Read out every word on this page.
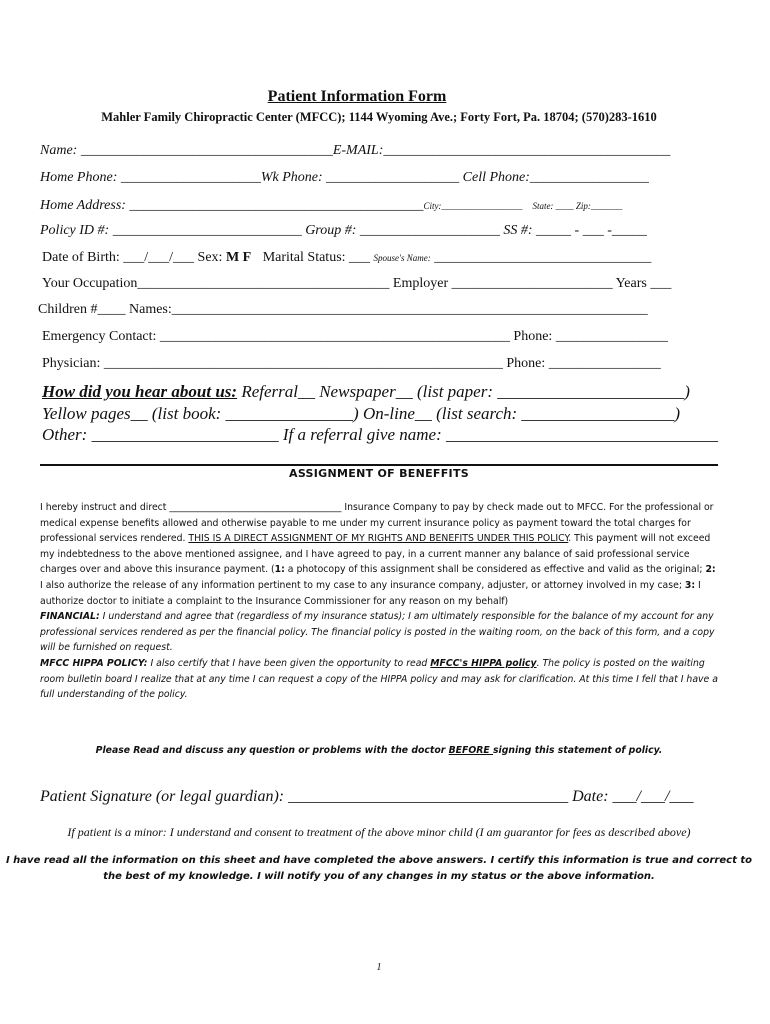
Patient Information Form
Mahler Family Chiropractic Center (MFCC); 1144 Wyoming Ave.; Forty Fort, Pa. 18704; (570)283-1610
Name: ____________________________________E-MAIL:_________________________________________
Home Phone: ____________________Wk Phone: ___________________ Cell Phone:_________________
Home Address: __________________________________________City:__________________ State: ____ Zip:_______
Policy ID #: ___________________________ Group #: ____________________ SS #: _____ - ___ -_____
Date of Birth: ___/___/___ Sex: M F Marital Status: ___ Spouse's Name: _______________________________
Your Occupation____________________________________ Employer _______________________ Years ___
Children #____ Names:____________________________________________________________________
Emergency Contact: __________________________________________________ Phone: ________________
Physician: _________________________________________________________ Phone: ________________
How did you hear about us: Referral__ Newspaper__ (list paper: ______________________)
Yellow pages__ (list book: _______________) On-line__ (list search: __________________)
Other: ______________________ If a referral give name: ________________________________
ASSIGNMENT OF BENEFFITS

I hereby instruct and direct _____________________________________ Insurance Company to pay by check made out to MFCC. For the professional or medical expense benefits allowed and otherwise payable to me under my current insurance policy as payment toward the total charges for professional services rendered. THIS IS A DIRECT ASSIGNMENT OF MY RIGHTS AND BENEFITS UNDER THIS POLICY. This payment will not exceed my indebtedness to the above mentioned assignee, and I have agreed to pay, in a current manner any balance of said professional service charges over and above this insurance payment. (1: a photocopy of this assignment shall be considered as effective and valid as the original; 2: I also authorize the release of any information pertinent to my case to any insurance company, adjuster, or attorney involved in my case; 3: I authorize doctor to initiate a complaint to the Insurance Commissioner for any reason on my behalf)

FINANCIAL: I understand and agree that (regardless of my insurance status); I am ultimately responsible for the balance of my account for any professional services rendered as per the financial policy. The financial policy is posted in the waiting room, on the back of this form, and a copy will be furnished on request.

MFCC HIPPA POLICY: I also certify that I have been given the opportunity to read MFCC's HIPPA policy. The policy is posted on the waiting room bulletin board I realize that at any time I can request a copy of the HIPPA policy and may ask for clarification. At this time I fell that I have a full understanding of the policy.

Please Read and discuss any question or problems with the doctor BEFORE signing this statement of policy.
Patient Signature (or legal guardian): ___________________________________ Date: ___/___/___
If patient is a minor: I understand and consent to treatment of the above minor child (I am guarantor for fees as described above)
I have read all the information on this sheet and have completed the above answers. I certify this information is true and correct to the best of my knowledge. I will notify you of any changes in my status or the above information.
1
